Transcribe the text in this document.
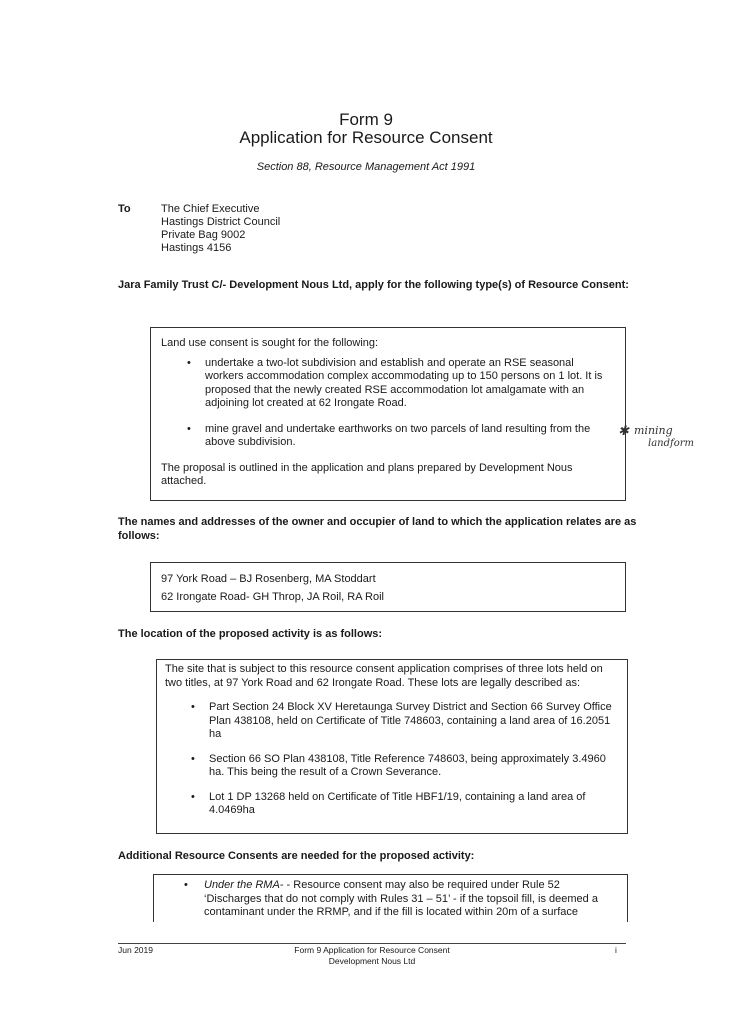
Form 9
Application for Resource Consent
Section 88, Resource Management Act 1991
To	The Chief Executive
Hastings District Council
Private Bag 9002
Hastings 4156
Jara Family Trust C/- Development Nous Ltd, apply for the following type(s) of Resource Consent:
Land use consent is sought for the following:
• undertake a two-lot subdivision and establish and operate an RSE seasonal workers accommodation complex accommodating up to 150 persons on 1 lot. It is proposed that the newly created RSE accommodation lot amalgamate with an adjoining lot created at 62 Irongate Road.
• mine gravel and undertake earthworks on two parcels of land resulting from the above subdivision.
The proposal is outlined in the application and plans prepared by Development Nous attached.
✱ mining
landform
The names and addresses of the owner and occupier of land to which the application relates are as follows:
97 York Road – BJ Rosenberg, MA Stoddart
62 Irongate Road- GH Throp, JA Roil, RA Roil
The location of the proposed activity is as follows:
The site that is subject to this resource consent application comprises of three lots held on two titles, at 97 York Road and 62 Irongate Road. These lots are legally described as:
• Part Section 24 Block XV Heretaunga Survey District and Section 66 Survey Office Plan 438108, held on Certificate of Title 748603, containing a land area of 16.2051 ha
• Section 66 SO Plan 438108, Title Reference 748603, being approximately 3.4960 ha. This being the result of a Crown Severance.
• Lot 1 DP 13268 held on Certificate of Title HBF1/19, containing a land area of 4.0469ha
Additional Resource Consents are needed for the proposed activity:
• Under the RMA- - Resource consent may also be required under Rule 52 ‘Discharges that do not comply with Rules 31 – 51’ - if the topsoil fill, is deemed a contaminant under the RRMP, and if the fill is located within 20m of a surface
Jun 2019	Form 9 Application for Resource Consent
Development Nous Ltd
i
